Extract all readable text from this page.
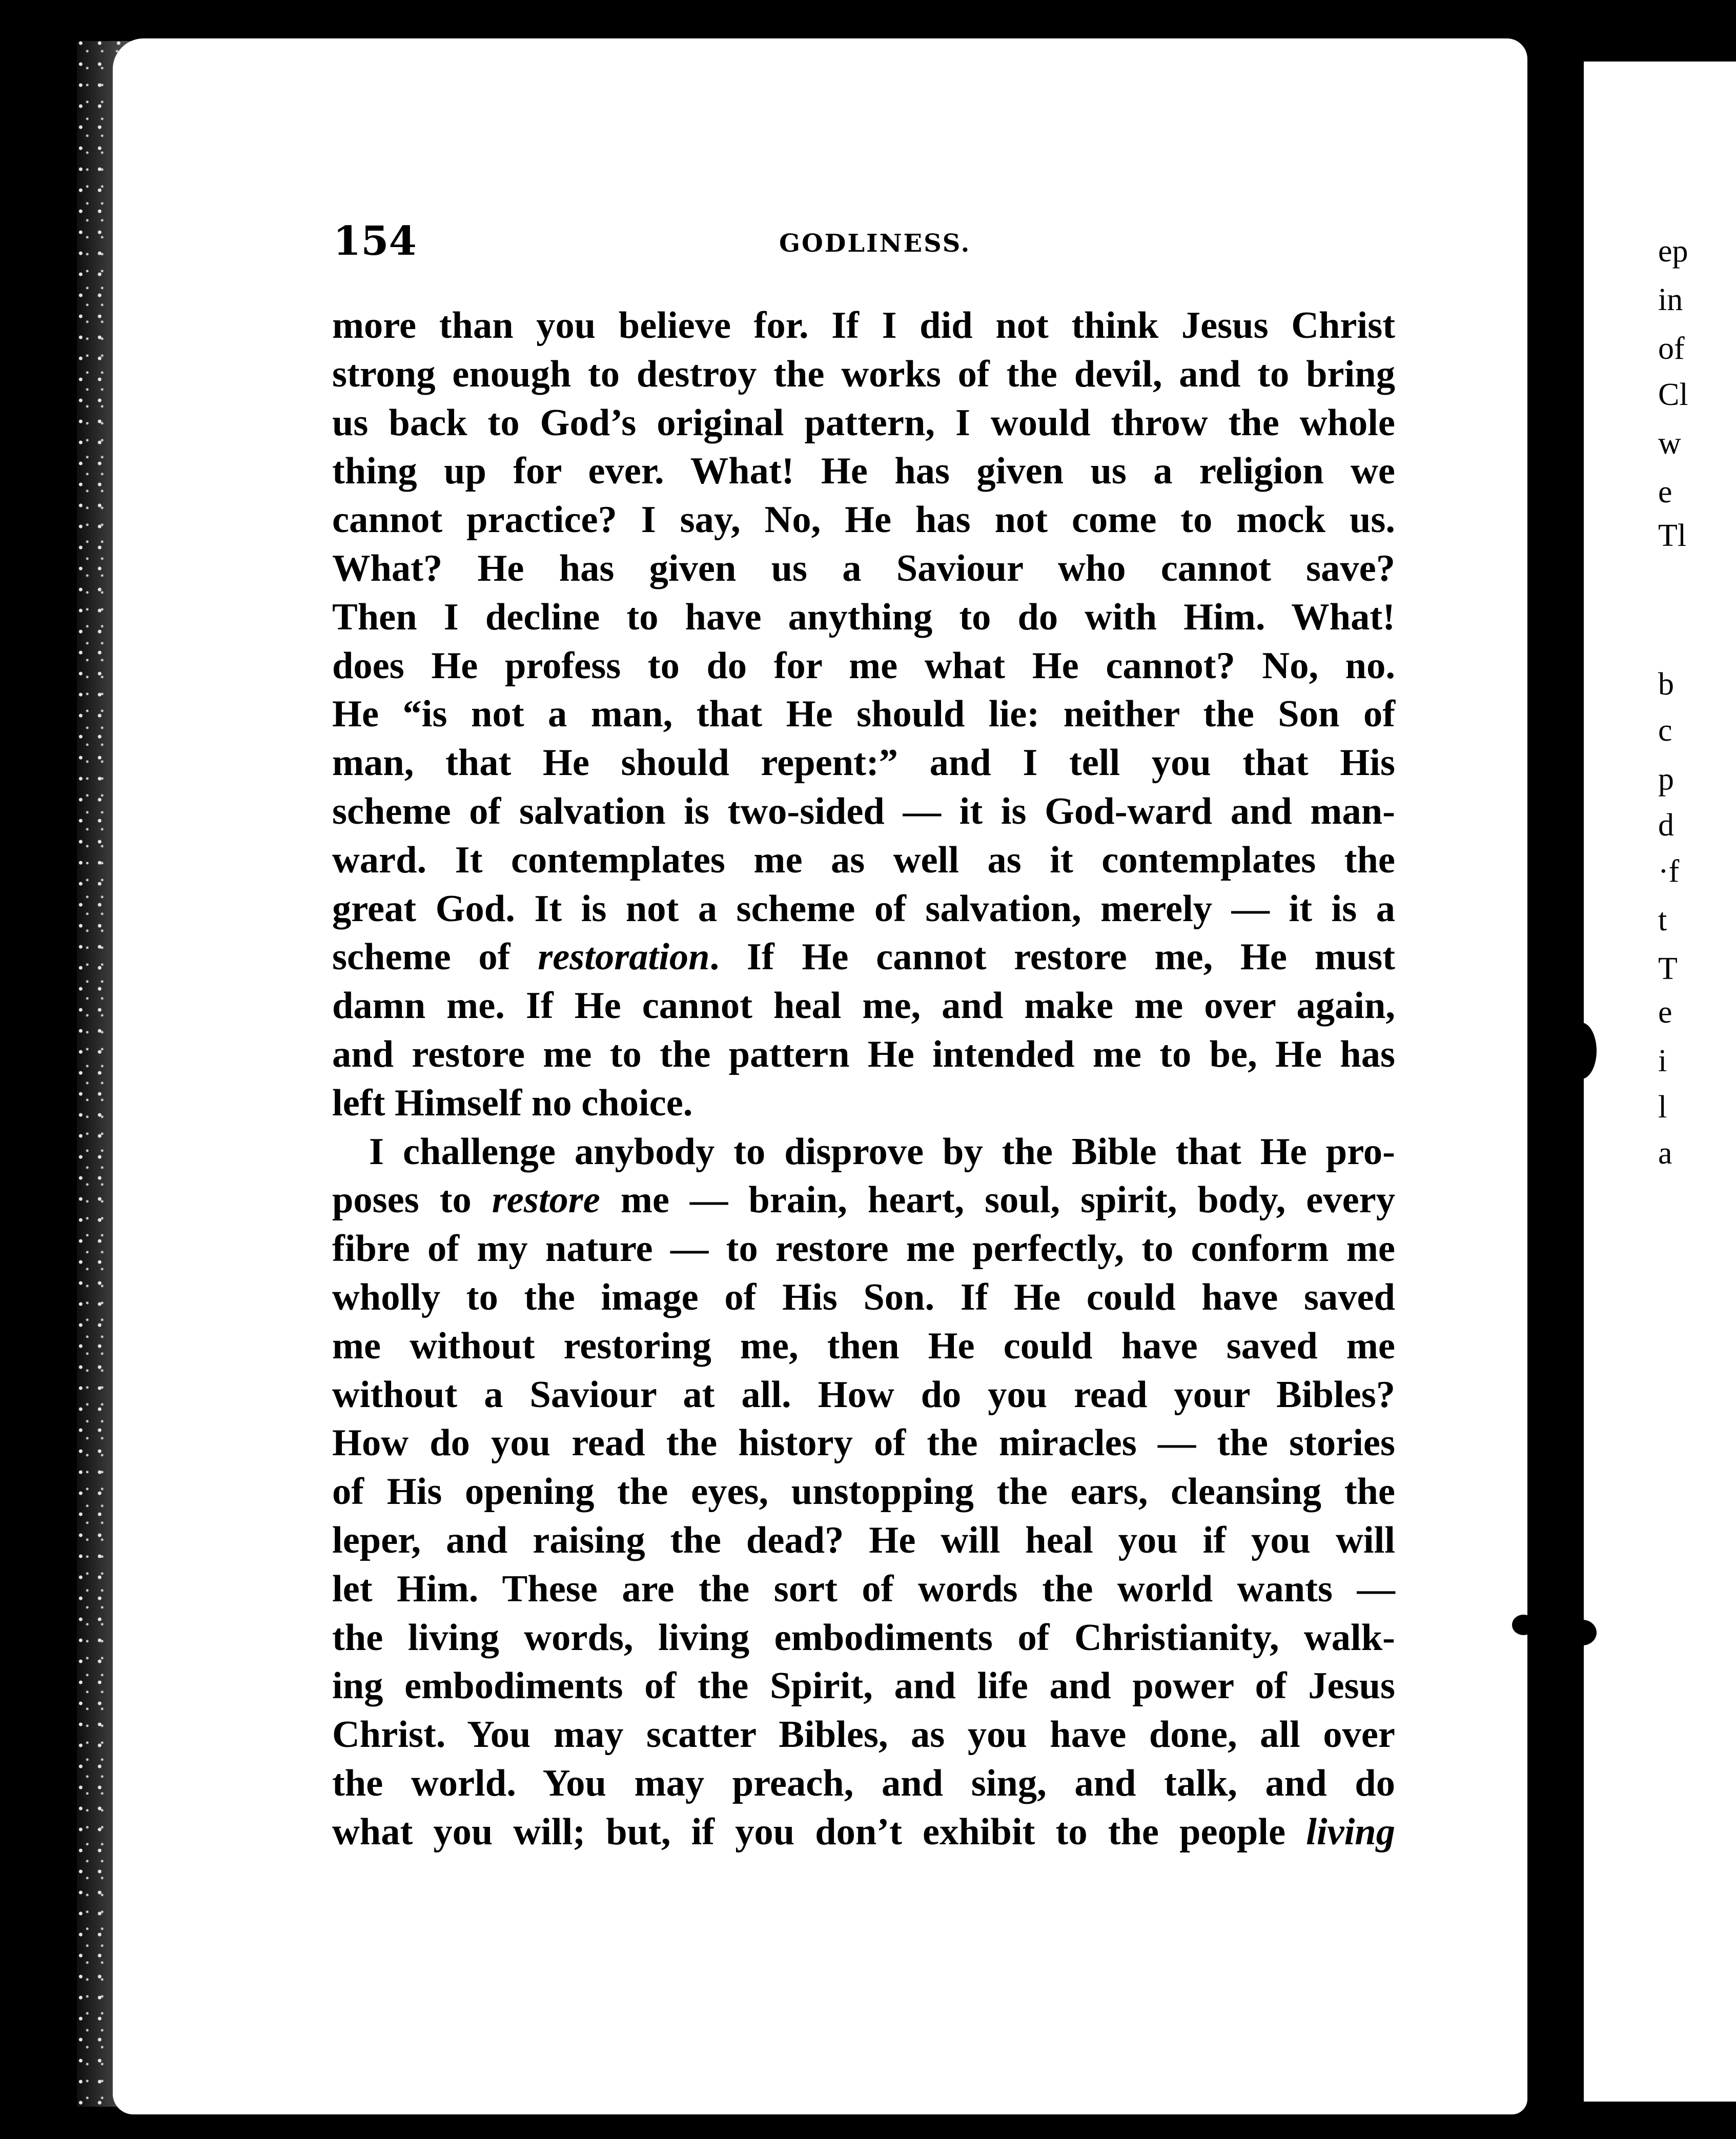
ep
in
of
Cl
w
e
Tl
b
c
p
d
·f
t
T
e
i
l
a
154	GODLINESS.
more than you believe for. If I did not think Jesus Christ
strong enough to destroy the works of the devil, and to bring
us back to God’s original pattern, I would throw the whole
thing up for ever. What! He has given us a religion we
cannot practice? I say, No, He has not come to mock us.
What? He has given us a Saviour who cannot save?
Then I decline to have anything to do with Him. What!
does He profess to do for me what He cannot? No, no.
He “is not a man, that He should lie: neither the Son of
man, that He should repent:” and I tell you that His
scheme of salvation is two-sided — it is God-ward and man-
ward. It contemplates me as well as it contemplates the
great God. It is not a scheme of salvation, merely — it is a
scheme of restoration. If He cannot restore me, He must
damn me. If He cannot heal me, and make me over again,
and restore me to the pattern He intended me to be, He has
left Himself no choice.
I challenge anybody to disprove by the Bible that He pro-
poses to restore me — brain, heart, soul, spirit, body, every
fibre of my nature — to restore me perfectly, to conform me
wholly to the image of His Son. If He could have saved
me without restoring me, then He could have saved me
without a Saviour at all. How do you read your Bibles?
How do you read the history of the miracles — the stories
of His opening the eyes, unstopping the ears, cleansing the
leper, and raising the dead? He will heal you if you will
let Him. These are the sort of words the world wants —
the living words, living embodiments of Christianity, walk-
ing embodiments of the Spirit, and life and power of Jesus
Christ. You may scatter Bibles, as you have done, all over
the world. You may preach, and sing, and talk, and do
what you will; but, if you don’t exhibit to the people living
